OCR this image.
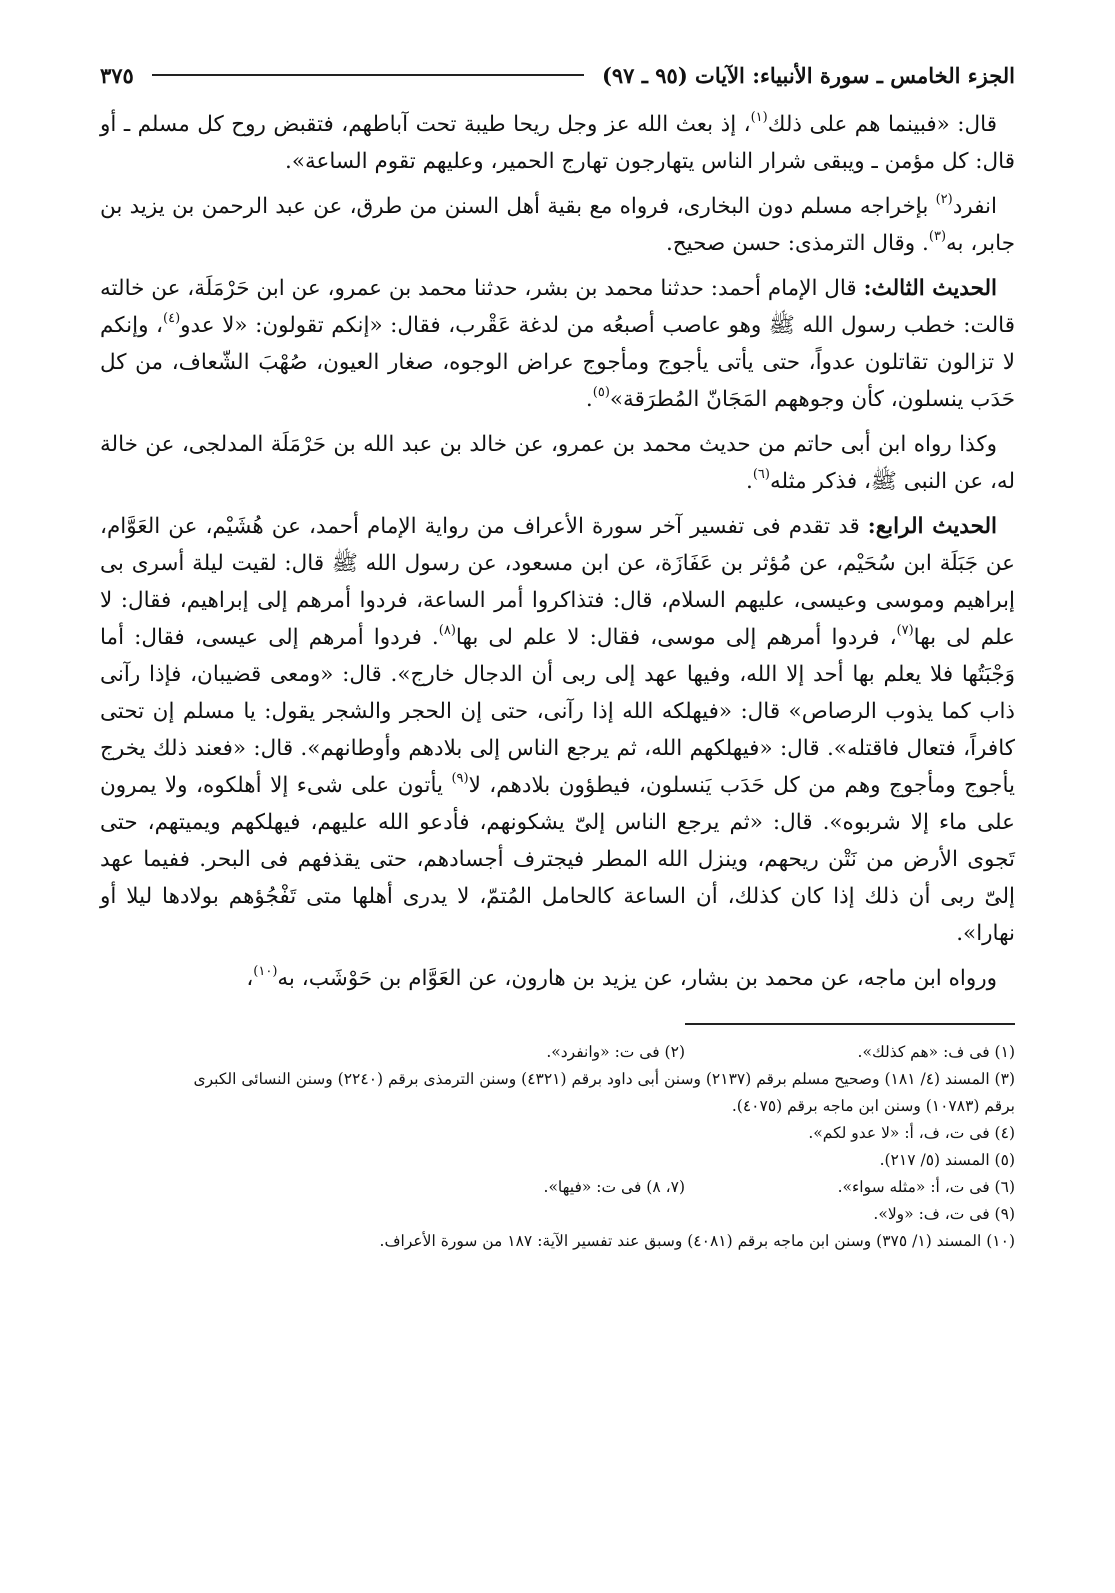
الجزء الخامس ـ سورة الأنبياء: الآيات (٩٥ ـ ٩٧)
٣٧٥

قال: «فبينما هم على ذلك$^{(١)}$، إذ بعث الله عز وجل ريحا طيبة تحت آباطهم، فتقبض روح كل مسلم ـ أو قال: كل مؤمن ـ ويبقى شرار الناس يتهارجون تهارج الحمير، وعليهم تقوم الساعة».

انفرد$^{(٢)}$ بإخراجه مسلم دون البخارى، فرواه مع بقية أهل السنن من طرق، عن عبد الرحمن بن يزيد بن جابر، به$^{(٣)}$. وقال الترمذى: حسن صحيح.

الحديث الثالث: قال الإمام أحمد: حدثنا محمد بن بشر، حدثنا محمد بن عمرو، عن ابن حَرْمَلَة، عن خالته قالت: خطب رسول الله ﷺ وهو عاصب أصبعُه من لدغة عَقْرب، فقال: «إنكم تقولون: «لا عدو$^{(٤)}$، وإنكم لا تزالون تقاتلون عدواً، حتى يأتى يأجوج ومأجوج عراض الوجوه، صغار العيون، صُهْبَ الشّعاف، من كل حَدَب ينسلون، كأن وجوههم المَجَانّ المُطرَقة»$^{(٥)}$.

وكذا رواه ابن أبى حاتم من حديث محمد بن عمرو، عن خالد بن عبد الله بن حَرْمَلَة المدلجى، عن خالة له، عن النبى ﷺ، فذكر مثله$^{(٦)}$.

الحديث الرابع: قد تقدم فى تفسير آخر سورة الأعراف من رواية الإمام أحمد، عن هُشَيْم، عن العَوَّام، عن جَبَلَة ابن سُحَيْم، عن مُؤثر بن عَفَازَة، عن ابن مسعود، عن رسول الله ﷺ قال: لقيت ليلة أسرى بى إبراهيم وموسى وعيسى، عليهم السلام، قال: فتذاكروا أمر الساعة، فردوا أمرهم إلى إبراهيم، فقال: لا علم لى بها$^{(٧)}$، فردوا أمرهم إلى موسى، فقال: لا علم لى بها$^{(٨)}$. فردوا أمرهم إلى عيسى، فقال: أما وَجْبَتُها فلا يعلم بها أحد إلا الله، وفيها عهد إلى ربى أن الدجال خارج». قال: «ومعى قضيبان، فإذا رآنى ذاب كما يذوب الرصاص» قال: «فيهلكه الله إذا رآنى، حتى إن الحجر والشجر يقول: يا مسلم إن تحتى كافراً، فتعال فاقتله». قال: «فيهلكهم الله، ثم يرجع الناس إلى بلادهم وأوطانهم». قال: «فعند ذلك يخرج يأجوج ومأجوج وهم من كل حَدَب يَنسلون، فيطؤون بلادهم، لا$^{(٩)}$ يأتون على شىء إلا أهلكوه، ولا يمرون على ماء إلا شربوه». قال: «ثم يرجع الناس إلىّ يشكونهم، فأدعو الله عليهم، فيهلكهم ويميتهم، حتى تَجوى الأرض من نَتْن ريحهم، وينزل الله المطر فيجترف أجسادهم، حتى يقذفهم فى البحر. ففيما عهد إلىّ ربى أن ذلك إذا كان كذلك، أن الساعة كالحامل المُتمّ، لا يدرى أهلها متى تَفْجُؤهم بولادها ليلا أو نهارا».

ورواه ابن ماجه، عن محمد بن بشار، عن يزيد بن هارون، عن العَوَّام بن حَوْشَب، به$^{(١٠)}$،

(١) فى ف: «هم كذلك».
(٢) فى ت: «وانفرد».
(٣) المسند (٤/ ١٨١) وصحيح مسلم برقم (٢١٣٧) وسنن أبى داود برقم (٤٣٢١) وسنن الترمذى برقم (٢٢٤٠) وسنن النسائى الكبرى
برقم (١٠٧٨٣) وسنن ابن ماجه برقم (٤٠٧٥).
(٤) فى ت، ف، أ: «لا عدو لكم».
(٥) المسند (٥/ ٢١٧).
(٦) فى ت، أ: «مثله سواء».
(٧، ٨) فى ت: «فيها».
(٩) فى ت، ف: «ولا».
(١٠) المسند (١/ ٣٧٥) وسنن ابن ماجه برقم (٤٠٨١) وسبق عند تفسير الآية: ١٨٧ من سورة الأعراف.
